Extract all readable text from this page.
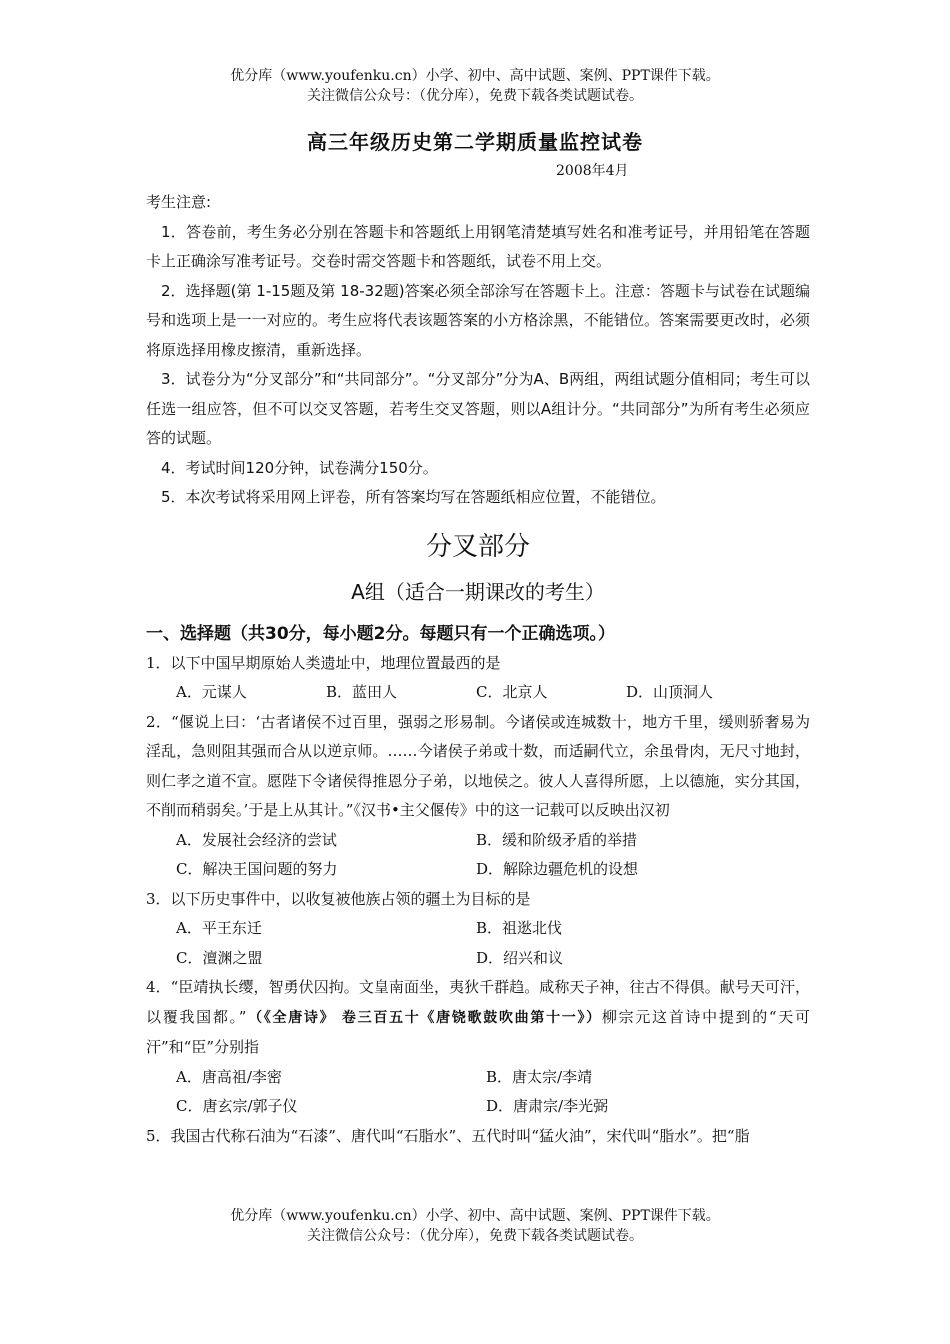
优分库（www.youfenku.cn）小学、初中、高中试题、案例、PPT课件下载。
关注微信公众号：（优分库），免费下载各类试题试卷。
高三年级历史第二学期质量监控试卷
2008年4月

考生注意:

1．答卷前，考生务必分别在答题卡和答题纸上用钢笔清楚填写姓名和准考证号，并用铅笔在答题卡上正确涂写准考证号。交卷时需交答题卡和答题纸，试卷不用上交。

2．选择题(第 1-15题及第 18-32题)答案必须全部涂写在答题卡上。注意：答题卡与试卷在试题编号和选项上是一一对应的。考生应将代表该题答案的小方格涂黑，不能错位。答案需要更改时，必须将原选择用橡皮擦清，重新选择。

3．试卷分为“分叉部分”和“共同部分”。“分叉部分”分为A、B两组，两组试题分值相同；考生可以任选一组应答，但不可以交叉答题，若考生交叉答题，则以A组计分。“共同部分”为所有考生必须应答的试题。

4．考试时间120分钟，试卷满分150分。

5．本次考试将采用网上评卷，所有答案均写在答题纸相应位置，不能错位。

分叉部分
A组（适合一期课改的考生）
一、选择题（共30分，每小题2分。每题只有一个正确选项。）

1．以下中国早期原始人类遗址中，地理位置最西的是

A．元谋人	B．蓝田人	C．北京人	D．山顶洞人

2．“偃说上曰：‘古者诸侯不过百里，强弱之形易制。今诸侯或连城数十，地方千里，缓则骄奢易为淫乱，急则阻其强而合从以逆京师。……今诸侯子弟或十数，而适嗣代立，余虽骨肉，无尺寸地封， 则仁孝之道不宣。愿陛下令诸侯得推恩分子弟，以地侯之。彼人人喜得所愿，上以德施，实分其国，不削而稍弱矣。’于是上从其计。”《汉书•主父偃传》中的这一记载可以反映出汉初

A．发展社会经济的尝试	B．缓和阶级矛盾的举措
C．解决王国问题的努力	D．解除边疆危机的设想

3．以下历史事件中，以收复被他族占领的疆土为目标的是

A．平王东迁	B．祖逖北伐
C．澶渊之盟	D．绍兴和议

4．“臣靖执长缨，智勇伏囚拘。文皇南面坐，夷狄千群趋。咸称天子神，往古不得俱。献号天可汗，以覆我国都。”（《全唐诗》 卷三百五十《唐铙歌鼓吹曲第十一》）柳宗元这首诗中提到的“天可汗”和“臣”分别指

A．唐高祖/李密	B．唐太宗/李靖
C．唐玄宗/郭子仪	D．唐肃宗/李光弼

5．我国古代称石油为“石漆”、唐代叫“石脂水”、五代时叫“猛火油”，宋代叫“脂水”。把“脂

优分库（www.youfenku.cn）小学、初中、高中试题、案例、PPT课件下载。
关注微信公众号：（优分库），免费下载各类试题试卷。
